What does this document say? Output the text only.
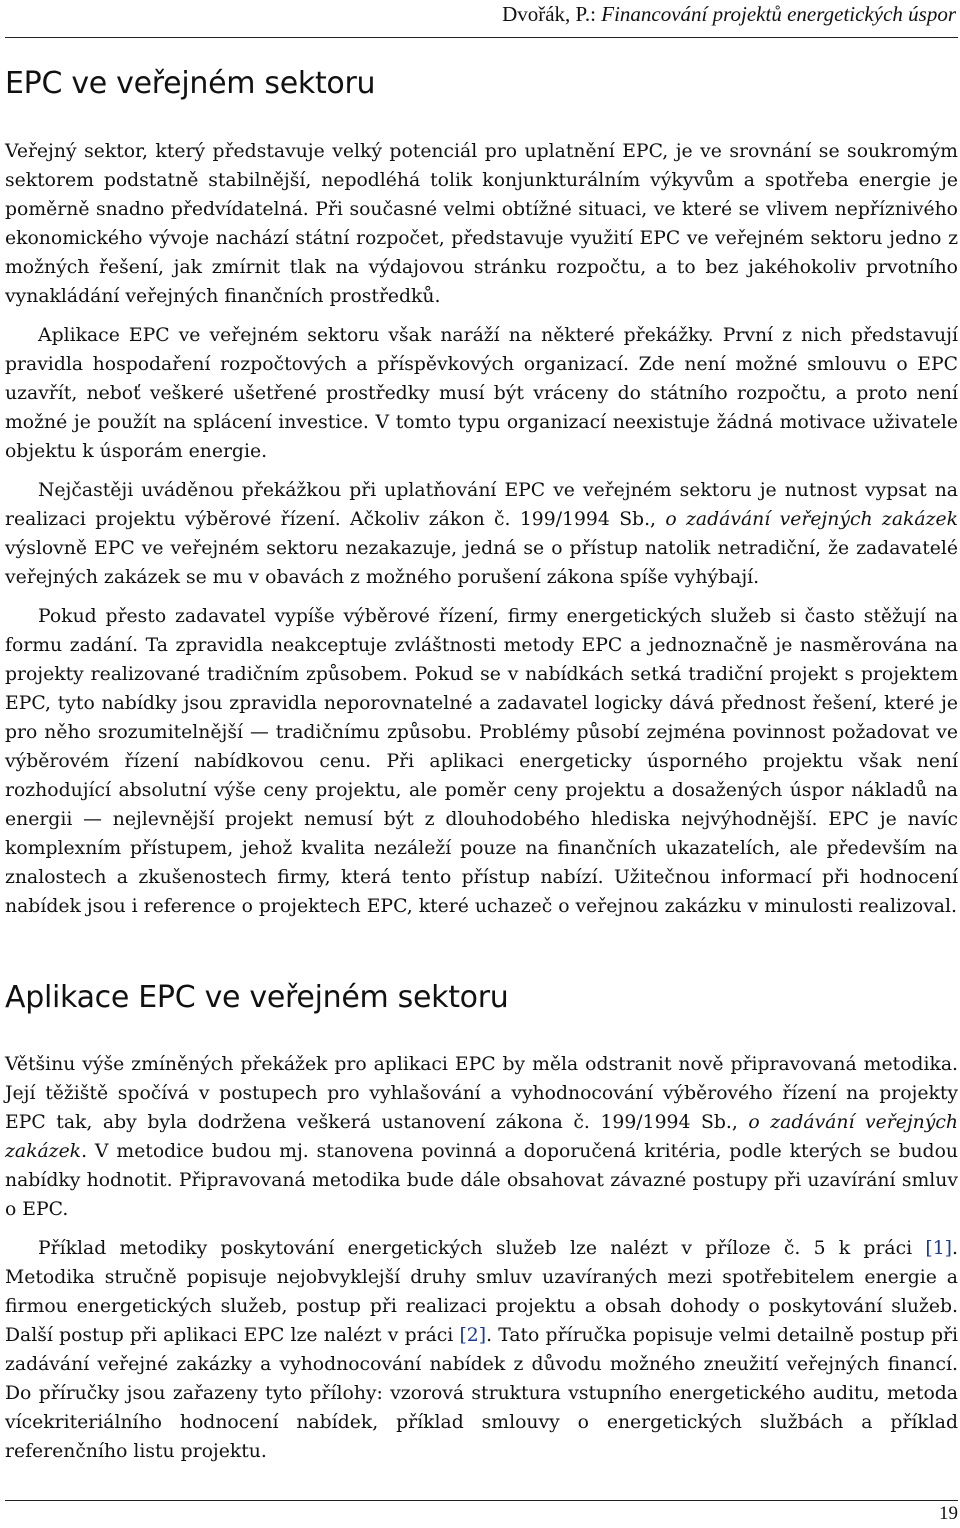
Dvořák, P.: Financování projektů energetických úspor
EPC ve veřejném sektoru

Veřejný sektor, který představuje velký potenciál pro uplatnění EPC, je ve srovnání se soukromým sektorem podstatně stabilnější, nepodléhá tolik konjunkturálním výkyvům a spotřeba energie je poměrně snadno předvídatelná. Při současné velmi obtížné situaci, ve které se vlivem nepříznivého ekonomického vývoje nachází státní rozpočet, představuje využití EPC ve veřejném sektoru jedno z možných řešení, jak zmírnit tlak na výdajovou stránku rozpočtu, a to bez jakéhokoliv prvotního vynakládání veřejných finančních prostředků.

Aplikace EPC ve veřejném sektoru však naráží na některé překážky. První z nich představují pravidla hospodaření rozpočtových a příspěvkových organizací. Zde není možné smlouvu o EPC uzavřít, neboť veškeré ušetřené prostředky musí být vráceny do státního rozpočtu, a proto není možné je použít na splácení investice. V tomto typu organizací neexistuje žádná motivace uživatele objektu k úsporám energie.

Nejčastěji uváděnou překážkou při uplatňování EPC ve veřejném sektoru je nutnost vypsat na realizaci projektu výběrové řízení. Ačkoliv zákon č. 199/1994 Sb., o zadávání veřejných zakázek výslovně EPC ve veřejném sektoru nezakazuje, jedná se o přístup natolik netradiční, že zadavatelé veřejných zakázek se mu v obavách z možného porušení zákona spíše vyhýbají.

Pokud přesto zadavatel vypíše výběrové řízení, firmy energetických služeb si často stěžují na formu zadání. Ta zpravidla neakceptuje zvláštnosti metody EPC a jednoznačně je nasměrována na projekty realizované tradičním způsobem. Pokud se v nabídkách setká tradiční projekt s projektem EPC, tyto nabídky jsou zpravidla neporovnatelné a zadavatel logicky dává přednost řešení, které je pro něho srozumitelnější — tradičnímu způsobu. Problémy působí zejména povinnost požadovat ve výběrovém řízení nabídkovou cenu. Při aplikaci energeticky úsporného projektu však není rozhodující absolutní výše ceny projektu, ale poměr ceny projektu a dosažených úspor nákladů na energii — nejlevnější projekt nemusí být z dlouhodobého hlediska nejvýhodnější. EPC je navíc komplexním přístupem, jehož kvalita nezáleží pouze na finančních ukazatelích, ale především na znalostech a zkušenostech firmy, která tento přístup nabízí. Užitečnou informací při hodnocení nabídek jsou i reference o projektech EPC, které uchazeč o veřejnou zakázku v minulosti realizoval.

Aplikace EPC ve veřejném sektoru

Většinu výše zmíněných překážek pro aplikaci EPC by měla odstranit nově připravovaná metodika. Její těžiště spočívá v postupech pro vyhlašování a vyhodnocování výběrového řízení na projekty EPC tak, aby byla dodržena veškerá ustanovení zákona č. 199/1994 Sb., o zadávání veřejných zakázek. V metodice budou mj. stanovena povinná a doporučená kritéria, podle kterých se budou nabídky hodnotit. Připravovaná metodika bude dále obsahovat závazné postupy při uzavírání smluv o EPC.

Příklad metodiky poskytování energetických služeb lze nalézt v příloze č. 5 k práci [1]. Metodika stručně popisuje nejobvyklejší druhy smluv uzavíraných mezi spotřebitelem energie a firmou energetických služeb, postup při realizaci projektu a obsah dohody o poskytování služeb. Další postup při aplikaci EPC lze nalézt v práci [2]. Tato příručka popisuje velmi detailně postup při zadávání veřejné zakázky a vyhodnocování nabídek z důvodu možného zneužití veřejných financí. Do příručky jsou zařazeny tyto přílohy: vzorová struktura vstupního energetického auditu, metoda vícekriteriálního hodnocení nabídek, příklad smlouvy o energetických službách a příklad referenčního listu projektu.

19
